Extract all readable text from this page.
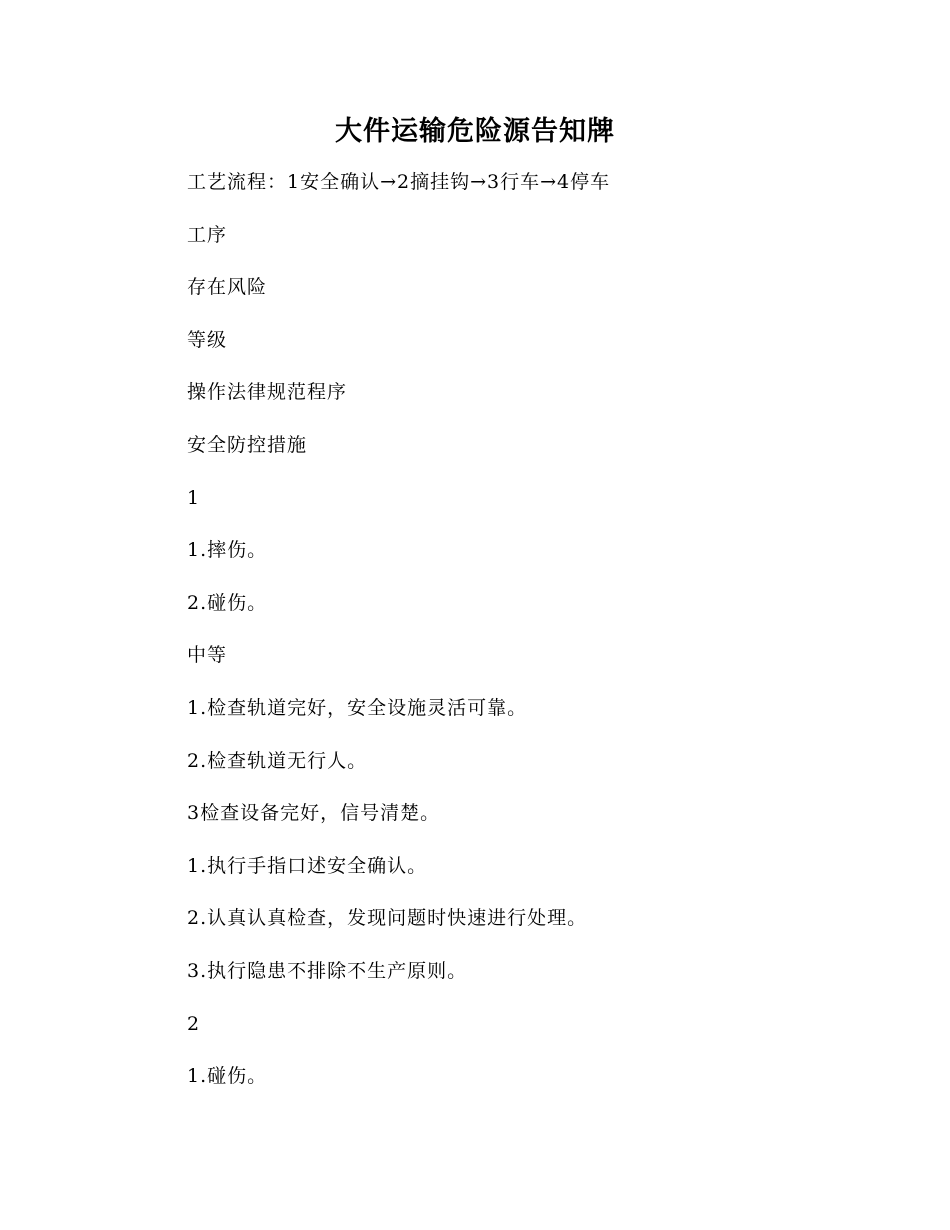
大件运输危险源告知牌

工艺流程：1安全确认→2摘挂钩→3行车→4停车

工序

存在风险

等级

操作法律规范程序

安全防控措施

1

1.摔伤。

2.碰伤。

中等

1.检查轨道完好，安全设施灵活可靠。

2.检查轨道无行人。

3检查设备完好，信号清楚。

1.执行手指口述安全确认。

2.认真认真检查，发现问题时快速进行处理。

3.执行隐患不排除不生产原则。

2

1.碰伤。
